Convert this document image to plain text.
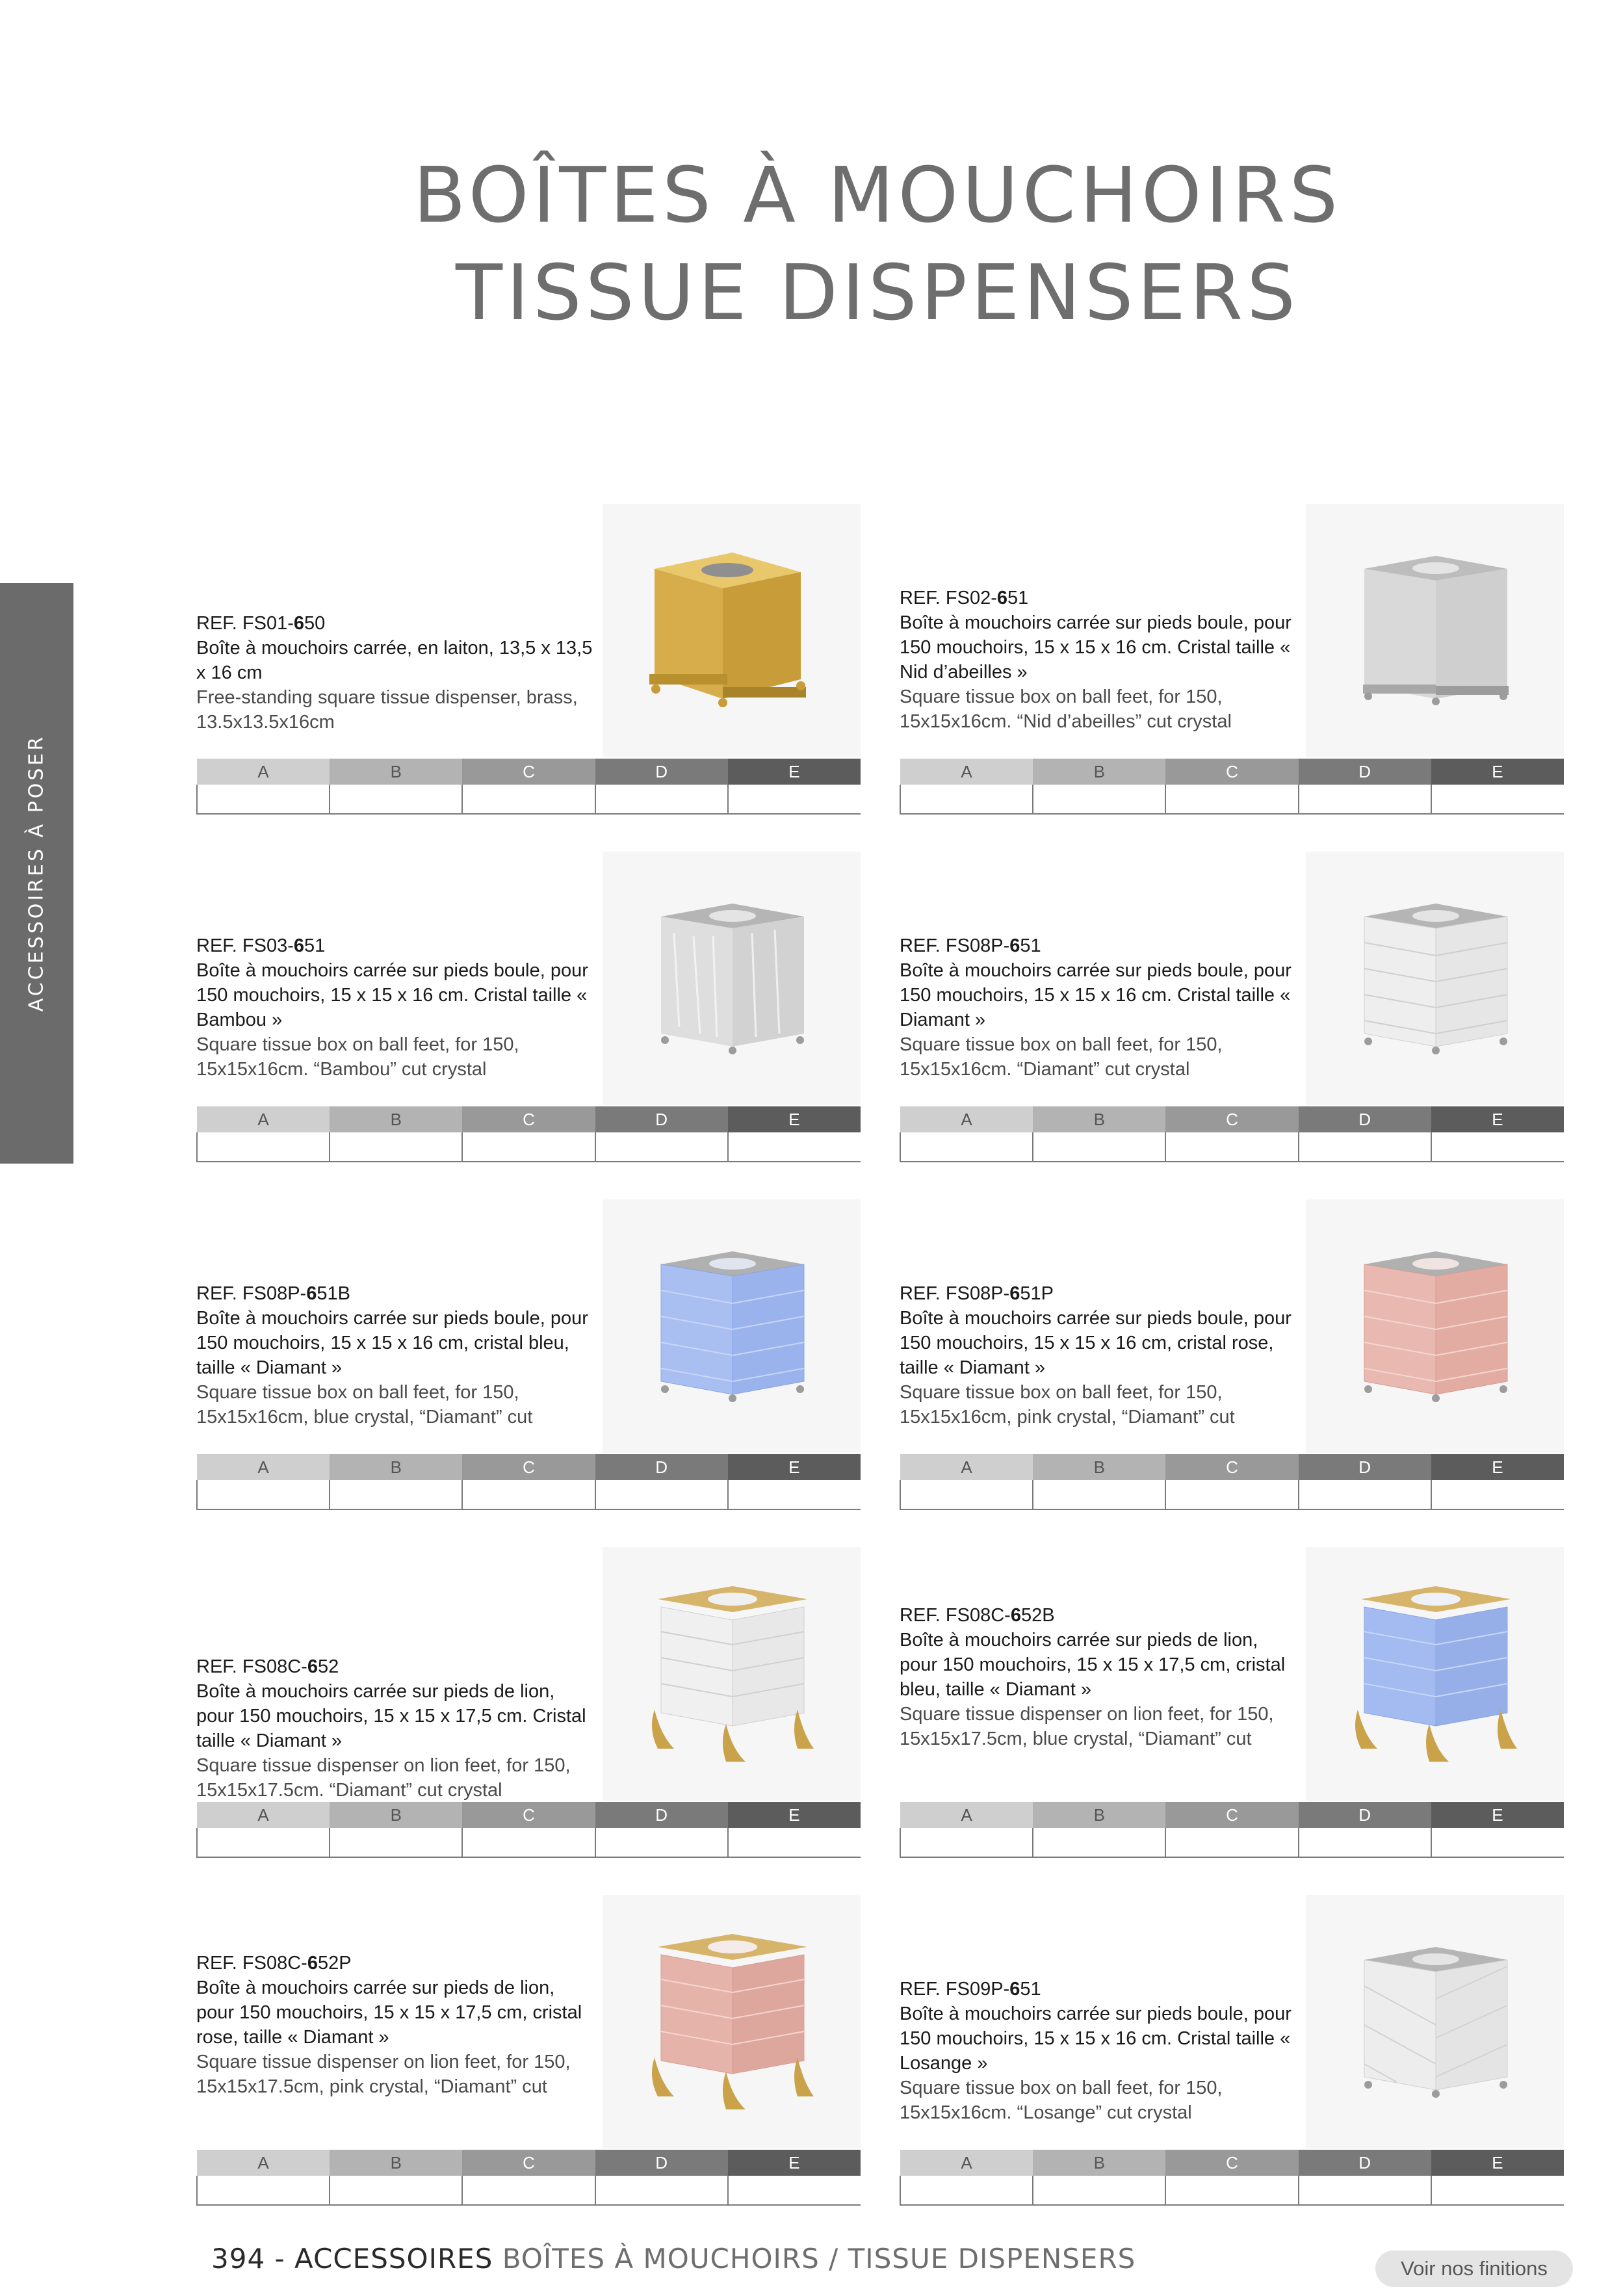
BOÎTES À MOUCHOIRS
TISSUE DISPENSERS
ACCESSOIRES À POSER
REF. FS01-650
Boîte à mouchoirs carrée, en laiton, 13,5 x 13,5 x 16 cm
Free-standing square tissue dispenser, brass, 13.5x13.5x16cm
A	B	C	D	E

REF. FS02-651
Boîte à mouchoirs carrée sur pieds boule, pour 150 mouchoirs, 15 x 15 x 16 cm. Cristal taille « Nid d’abeilles »
Square tissue box on ball feet, for 150, 15x15x16cm. “Nid d’abeilles” cut crystal
A	B	C	D	E

REF. FS03-651
Boîte à mouchoirs carrée sur pieds boule, pour 150 mouchoirs, 15 x 15 x 16 cm. Cristal taille « Bambou »
Square tissue box on ball feet, for 150, 15x15x16cm. “Bambou” cut crystal
A	B	C	D	E

REF. FS08P-651
Boîte à mouchoirs carrée sur pieds boule, pour 150 mouchoirs, 15 x 15 x 16 cm. Cristal taille « Diamant »
Square tissue box on ball feet, for 150, 15x15x16cm. “Diamant” cut crystal
A	B	C	D	E

REF. FS08P-651B
Boîte à mouchoirs carrée sur pieds boule, pour 150 mouchoirs, 15 x 15 x 16 cm, cristal bleu, taille « Diamant »
Square tissue box on ball feet, for 150, 15x15x16cm, blue crystal, “Diamant” cut
A	B	C	D	E

REF. FS08P-651P
Boîte à mouchoirs carrée sur pieds boule, pour 150 mouchoirs, 15 x 15 x 16 cm, cristal rose, taille « Diamant »
Square tissue box on ball feet, for 150, 15x15x16cm, pink crystal, “Diamant” cut
A	B	C	D	E

REF. FS08C-652
Boîte à mouchoirs carrée sur pieds de lion, pour 150 mouchoirs, 15 x 15 x 17,5 cm. Cristal taille « Diamant »
Square tissue dispenser on lion feet, for 150, 15x15x17.5cm. “Diamant” cut crystal
A	B	C	D	E

REF. FS08C-652B
Boîte à mouchoirs carrée sur pieds de lion, pour 150 mouchoirs, 15 x 15 x 17,5 cm, cristal bleu, taille « Diamant »
Square tissue dispenser on lion feet, for 150, 15x15x17.5cm, blue crystal, “Diamant” cut
A	B	C	D	E

REF. FS08C-652P
Boîte à mouchoirs carrée sur pieds de lion, pour 150 mouchoirs, 15 x 15 x 17,5 cm, cristal rose, taille « Diamant »
Square tissue dispenser on lion feet, for 150, 15x15x17.5cm, pink crystal, “Diamant” cut
A	B	C	D	E

REF. FS09P-651
Boîte à mouchoirs carrée sur pieds boule, pour 150 mouchoirs, 15 x 15 x 16 cm. Cristal taille « Losange »
Square tissue box on ball feet, for 150, 15x15x16cm. “Losange” cut crystal
A	B	C	D	E

394 - ACCESSOIRES BOÎTES À MOUCHOIRS / TISSUE DISPENSERS	Voir nos finitions
